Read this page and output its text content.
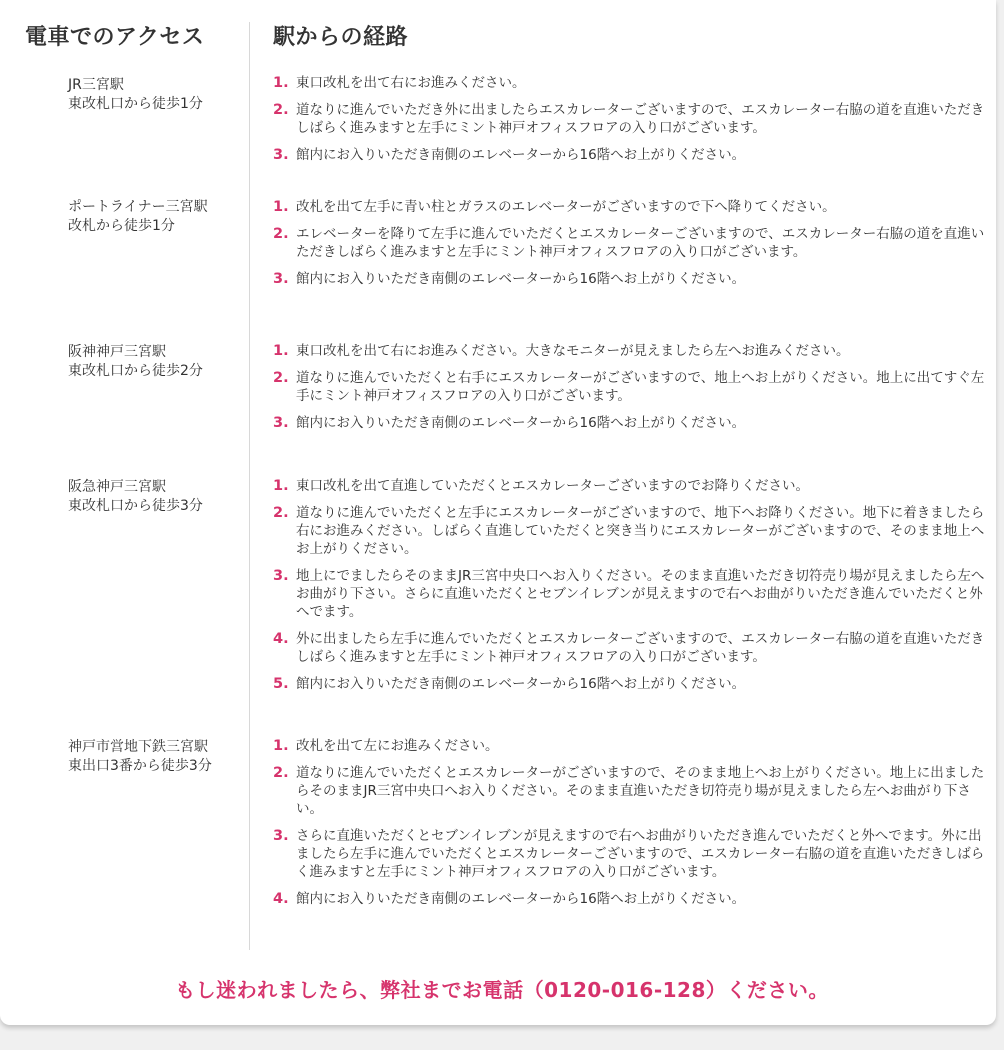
電車でのアクセス	駅からの経路
JR三宮駅
東改札口から徒歩1分
1. 東口改札を出て右にお進みください。
2. 道なりに進んでいただき外に出ましたらエスカレーターございますので、エスカレーター右脇の道を直進いただきしばらく進みますと左手にミント神戸オフィスフロアの入り口がございます。
3. 館内にお入りいただき南側のエレベーターから16階へお上がりください。
ポートライナー三宮駅
改札から徒歩1分
1. 改札を出て左手に青い柱とガラスのエレベーターがございますので下へ降りてください。
2. エレベーターを降りて左手に進んでいただくとエスカレーターございますので、エスカレーター右脇の道を直進いただきしばらく進みますと左手にミント神戸オフィスフロアの入り口がございます。
3. 館内にお入りいただき南側のエレベーターから16階へお上がりください。
阪神神戸三宮駅
東改札口から徒歩2分
1. 東口改札を出て右にお進みください。大きなモニターが見えましたら左へお進みください。
2. 道なりに進んでいただくと右手にエスカレーターがございますので、地上へお上がりください。地上に出てすぐ左手にミント神戸オフィスフロアの入り口がございます。
3. 館内にお入りいただき南側のエレベーターから16階へお上がりください。
阪急神戸三宮駅
東改札口から徒歩3分
1. 東口改札を出て直進していただくとエスカレーターございますのでお降りください。
2. 道なりに進んでいただくと左手にエスカレーターがございますので、地下へお降りください。地下に着きましたら右にお進みください。しばらく直進していただくと突き当りにエスカレーターがございますので、そのまま地上へお上がりください。
3. 地上にでましたらそのままJR三宮中央口へお入りください。そのまま直進いただき切符売り場が見えましたら左へお曲がり下さい。さらに直進いただくとセブンイレブンが見えますので右へお曲がりいただき進んでいただくと外へでます。
4. 外に出ましたら左手に進んでいただくとエスカレーターございますので、エスカレーター右脇の道を直進いただきしばらく進みますと左手にミント神戸オフィスフロアの入り口がございます。
5. 館内にお入りいただき南側のエレベーターから16階へお上がりください。
神戸市営地下鉄三宮駅
東出口3番から徒歩3分
1. 改札を出て左にお進みください。
2. 道なりに進んでいただくとエスカレーターがございますので、そのまま地上へお上がりください。地上に出ましたらそのままJR三宮中央口へお入りください。そのまま直進いただき切符売り場が見えましたら左へお曲がり下さい。
3. さらに直進いただくとセブンイレブンが見えますので右へお曲がりいただき進んでいただくと外へでます。外に出ましたら左手に進んでいただくとエスカレーターございますので、エスカレーター右脇の道を直進いただきしばらく進みますと左手にミント神戸オフィスフロアの入り口がございます。
4. 館内にお入りいただき南側のエレベーターから16階へお上がりください。
もし迷われましたら、弊社までお電話（0120-016-128）ください。
